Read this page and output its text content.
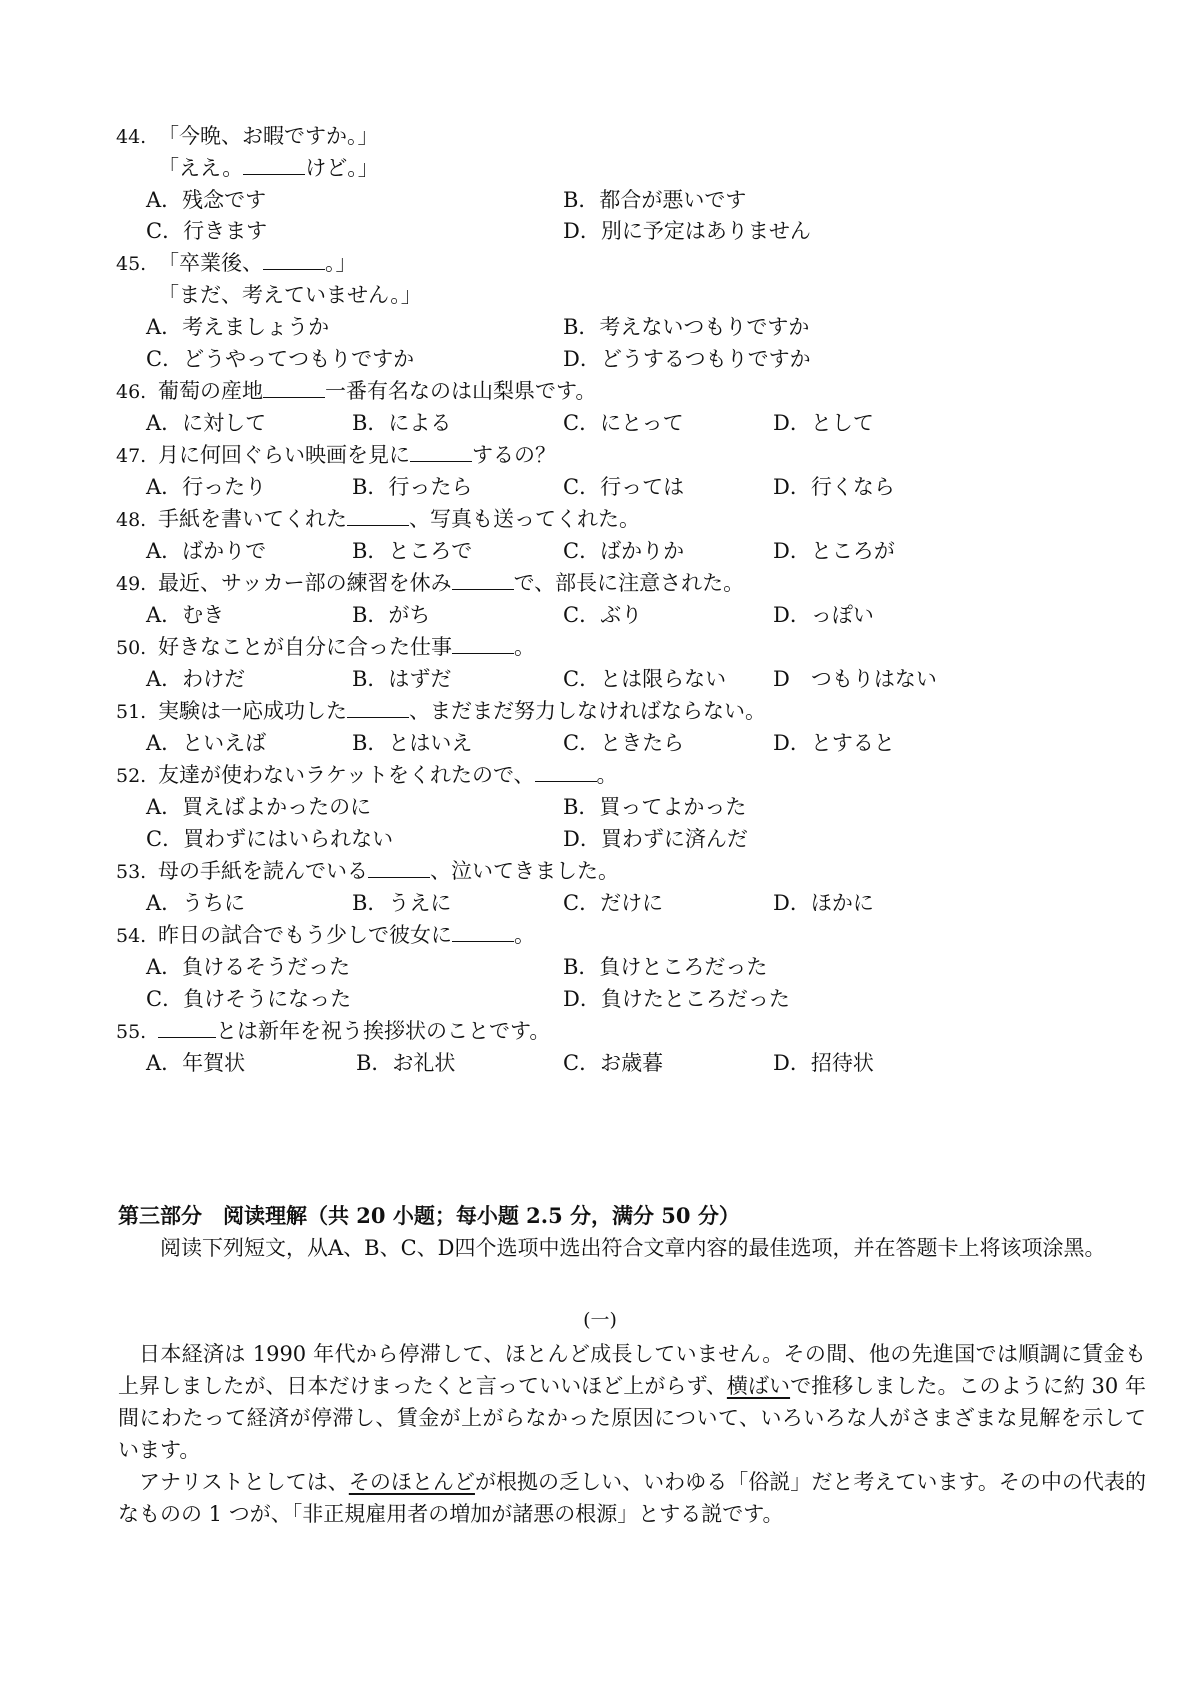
44. 「今晩、お暇ですか。」
「ええ。	けど。」
A．残念です	B．都合が悪いです
C．行きます	D．別に予定はありません
45. 「卒業後、	。」
「まだ、考えていません。」
A．考えましょうか	B．考えないつもりですか
C．どうやってつもりですか	D．どうするつもりですか
46. 葡萄の産地	一番有名なのは山梨県です。
A．に対して	B．による	C．にとって	D．として
47. 月に何回ぐらい映画を見に	するの？
A．行ったり	B．行ったら	C．行っては	D．行くなら
48. 手紙を書いてくれた	、写真も送ってくれた。
A．ばかりで	B．ところで	C．ばかりか	D．ところが
49. 最近、サッカー部の練習を休み	で、部長に注意された。
A．むき	B．がち	C．ぶり	D．っぽい
50. 好きなことが自分に合った仕事	。
A．わけだ	B．はずだ	C．とは限らない D　つもりはない
51. 実験は一応成功した	、まだまだ努力しなければならない。
A．といえば	B．とはいえ	C．ときたら	D．とすると
52. 友達が使わないラケットをくれたので、	。
A．買えばよかったのに	B．買ってよかった
C．買わずにはいられない	D．買わずに済んだ
53. 母の手紙を読んでいる	、泣いてきました。
A．うちに	B．うえに	C．だけに	D．ほかに
54. 昨日の試合でもう少しで彼女に	。
A．負けるそうだった	B．負けところだった
C．負けそうになった	D．負けたところだった
55.	とは新年を祝う挨拶状のことです。
A．年賀状	B．お礼状	C．お歳暮	D．招待状
第三部分　阅读理解（共 20 小题；每小题 2.5 分，满分 50 分）
阅读下列短文，从A、B、C、D四个选项中选出符合文章内容的最佳选项，并在答题卡上将该项涂黑。
(一)
日本経済は 1990 年代から停滞して、ほとんど成長していません。その間、他の先進国では順調に賃金も上昇しましたが、日本だけまったくと言っていいほど上がらず、横ばいで推移しました。このように約 30 年間にわたって経済が停滞し、賃金が上がらなかった原因について、いろいろな人がさまざまな見解を示しています。
アナリストとしては、そのほとんどが根拠の乏しい、いわゆる「俗説」だと考えています。その中の代表的なものの 1 つが、「非正規雇用者の増加が諸悪の根源」とする説です。
